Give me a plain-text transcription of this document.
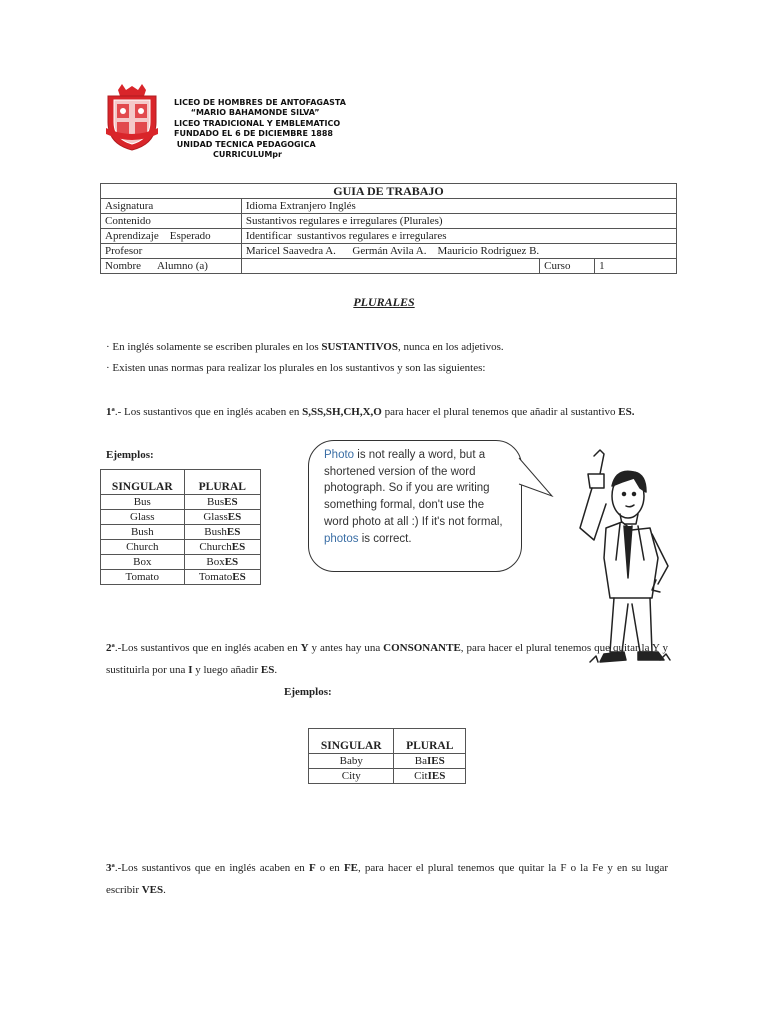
LICEO DE HOMBRES DE ANTOFAGASTA
“MARIO BAHAMONDE SILVA”
LICEO TRADICIONAL Y EMBLEMATICO
FUNDADO EL 6 DE DICIEMBRE 1888
UNIDAD TECNICA PEDAGOGICA
CURRICULUMpr
GUIA DE TRABAJO			
Asignatura	Idioma Extranjero Inglés		
Contenido	Sustantivos regulares e irregulares (Plurales)		
Aprendizaje    Esperado	Identificar  sustantivos regulares e irregulares		
Profesor	Maricel Saavedra A.      Germán Avila A.    Mauricio Rodriguez B.		
Nombre      Alumno (a)		Curso	1
PLURALES
· En inglés solamente se escriben plurales en los SUSTANTIVOS, nunca en los adjetivos.
· Existen unas normas para realizar los plurales en los sustantivos y son las siguientes:
1ª.- Los sustantivos que en inglés acaben en S,SS,SH,CH,X,O para hacer el plural tenemos que añadir al sustantivo ES.
Ejemplos:
SINGULAR	PLURAL
Bus	BusES
Glass	GlassES
Bush	BushES
Church	ChurchES
Box	BoxES
Tomato	TomatoES
Photo is not really a word, but a shortened version of the word photograph. So if you are writing something formal, don't use the word photo at all :) If it's not formal, photos is correct.
2ª.-Los sustantivos que en inglés acaben en Y y antes hay una CONSONANTE, para hacer el plural tenemos que quitar la Y y sustituirla por una I y luego añadir ES.
Ejemplos:
SINGULAR	PLURAL
Baby	BaIES
City	CitIES
3ª.-Los sustantivos que en inglés acaben en F o en FE, para hacer el plural tenemos que quitar la F o la Fe y en su lugar escribir VES.
